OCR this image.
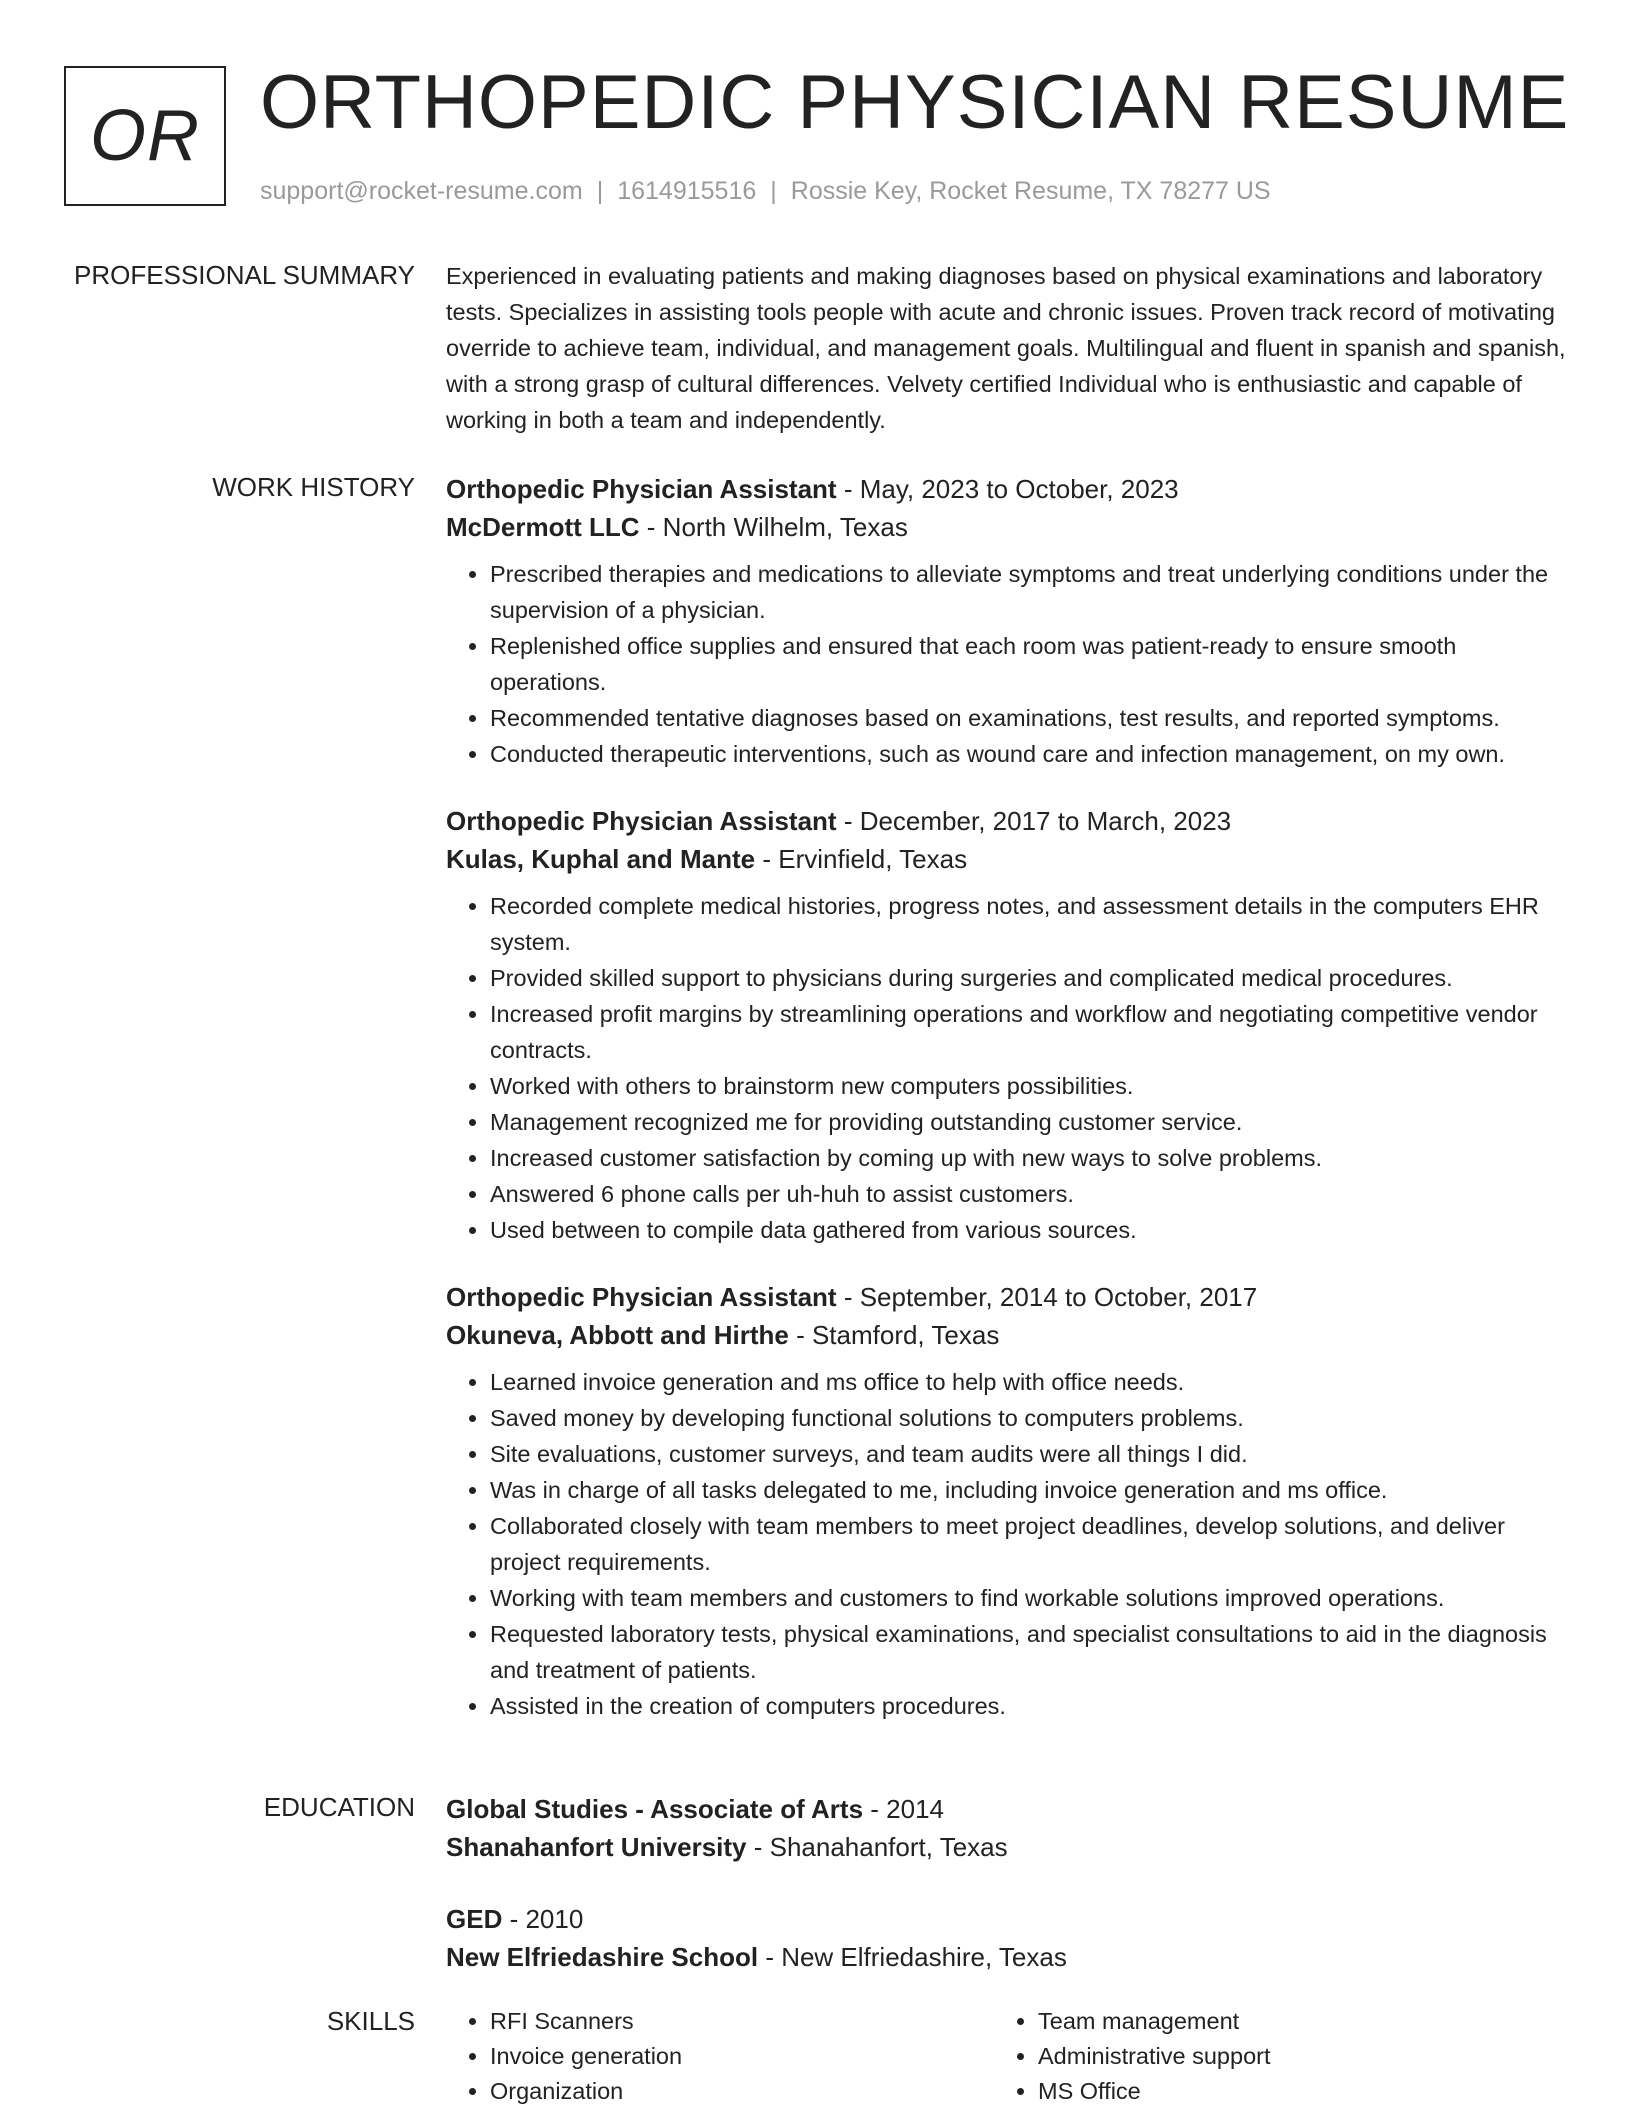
OR ORTHOPEDIC PHYSICIAN RESUME
support@rocket-resume.com | 1614915516 | Rossie Key, Rocket Resume, TX 78277 US
PROFESSIONAL SUMMARY Experienced in evaluating patients and making diagnoses based on physical examinations and laboratory tests. Specializes in assisting tools people with acute and chronic issues. Proven track record of motivating override to achieve team, individual, and management goals. Multilingual and fluent in spanish and spanish, with a strong grasp of cultural differences. Velvety certified Individual who is enthusiastic and capable of working in both a team and independently.

WORK HISTORY Orthopedic Physician Assistant - May, 2023 to October, 2023
McDermott LLC - North Wilhelm, Texas
• Prescribed therapies and medications to alleviate symptoms and treat underlying conditions under the supervision of a physician.
• Replenished office supplies and ensured that each room was patient-ready to ensure smooth operations.
• Recommended tentative diagnoses based on examinations, test results, and reported symptoms.
• Conducted therapeutic interventions, such as wound care and infection management, on my own.
Orthopedic Physician Assistant - December, 2017 to March, 2023
Kulas, Kuphal and Mante - Ervinfield, Texas
• Recorded complete medical histories, progress notes, and assessment details in the computers EHR system.
• Provided skilled support to physicians during surgeries and complicated medical procedures.
• Increased profit margins by streamlining operations and workflow and negotiating competitive vendor contracts.
• Worked with others to brainstorm new computers possibilities.
• Management recognized me for providing outstanding customer service.
• Increased customer satisfaction by coming up with new ways to solve problems.
• Answered 6 phone calls per uh-huh to assist customers.
• Used between to compile data gathered from various sources.
Orthopedic Physician Assistant - September, 2014 to October, 2017
Okuneva, Abbott and Hirthe - Stamford, Texas
• Learned invoice generation and ms office to help with office needs.
• Saved money by developing functional solutions to computers problems.
• Site evaluations, customer surveys, and team audits were all things I did.
• Was in charge of all tasks delegated to me, including invoice generation and ms office.
• Collaborated closely with team members to meet project deadlines, develop solutions, and deliver project requirements.
• Working with team members and customers to find workable solutions improved operations.
• Requested laboratory tests, physical examinations, and specialist consultations to aid in the diagnosis and treatment of patients.
• Assisted in the creation of computers procedures.
EDUCATION Global Studies - Associate of Arts - 2014
Shanahanfort University - Shanahanfort, Texas
GED - 2010
New Elfriedashire School - New Elfriedashire, Texas
SKILLS
•	RFI Scanners
• Invoice generation
• Organization
• Team management
• Administrative support
• MS Office
